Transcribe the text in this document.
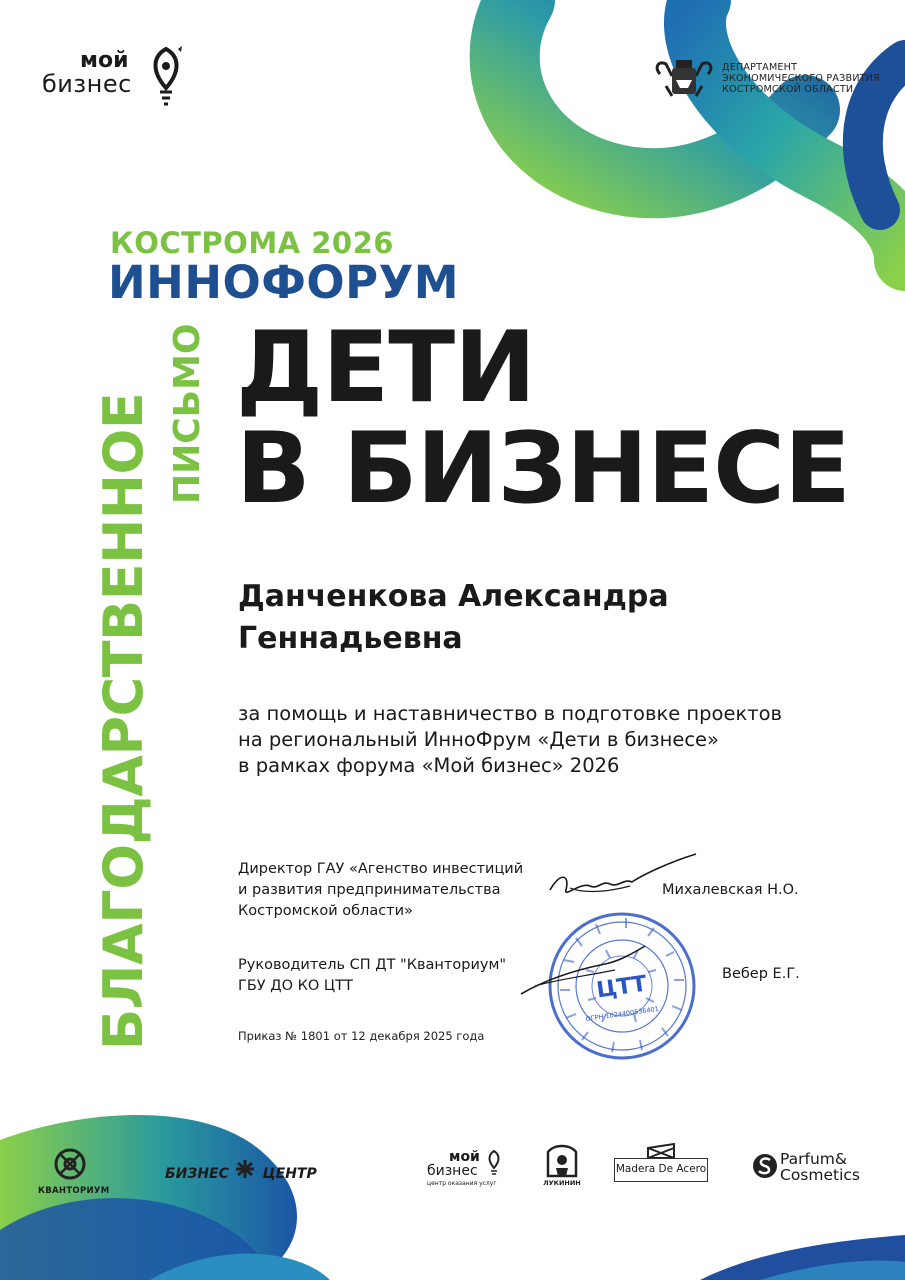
мой
бизнес
ДЕПАРТАМЕНТ
ЭКОНОМИЧЕСКОГО РАЗВИТИЯ
КОСТРОМСКОЙ ОБЛАСТИ
КОСТРОМА 2026
ИННОФОРУМ
БЛАГОДАРСТВЕННОЕ ПИСЬМО ДЕТИ
В БИЗНЕСЕ
Данченкова Александра
Геннадьевна
за помощь и наставничество в подготовке проектов
на региональный ИнноФрум «Дети в бизнесе»
в рамках форума «Мой бизнес» 2026
ЦТТ
ОГРН 1024400536401
Директор ГАУ «Агенство инвестиций
и развития предпринимательства
Костромской области»
Михалевская Н.О.
Руководитель СП ДТ "Кванториум"
ГБУ ДО КО ЦТТ
Вебер Е.Г.
Приказ № 1801 от 12 декабря 2025 года
КВАНТОРИУМ
БИЗНЕС ЦЕНТР
мой
бизнес
центр оказания услуг	ЛУКИНИН
Madera De Acero
Parfum&
Cosmetics
